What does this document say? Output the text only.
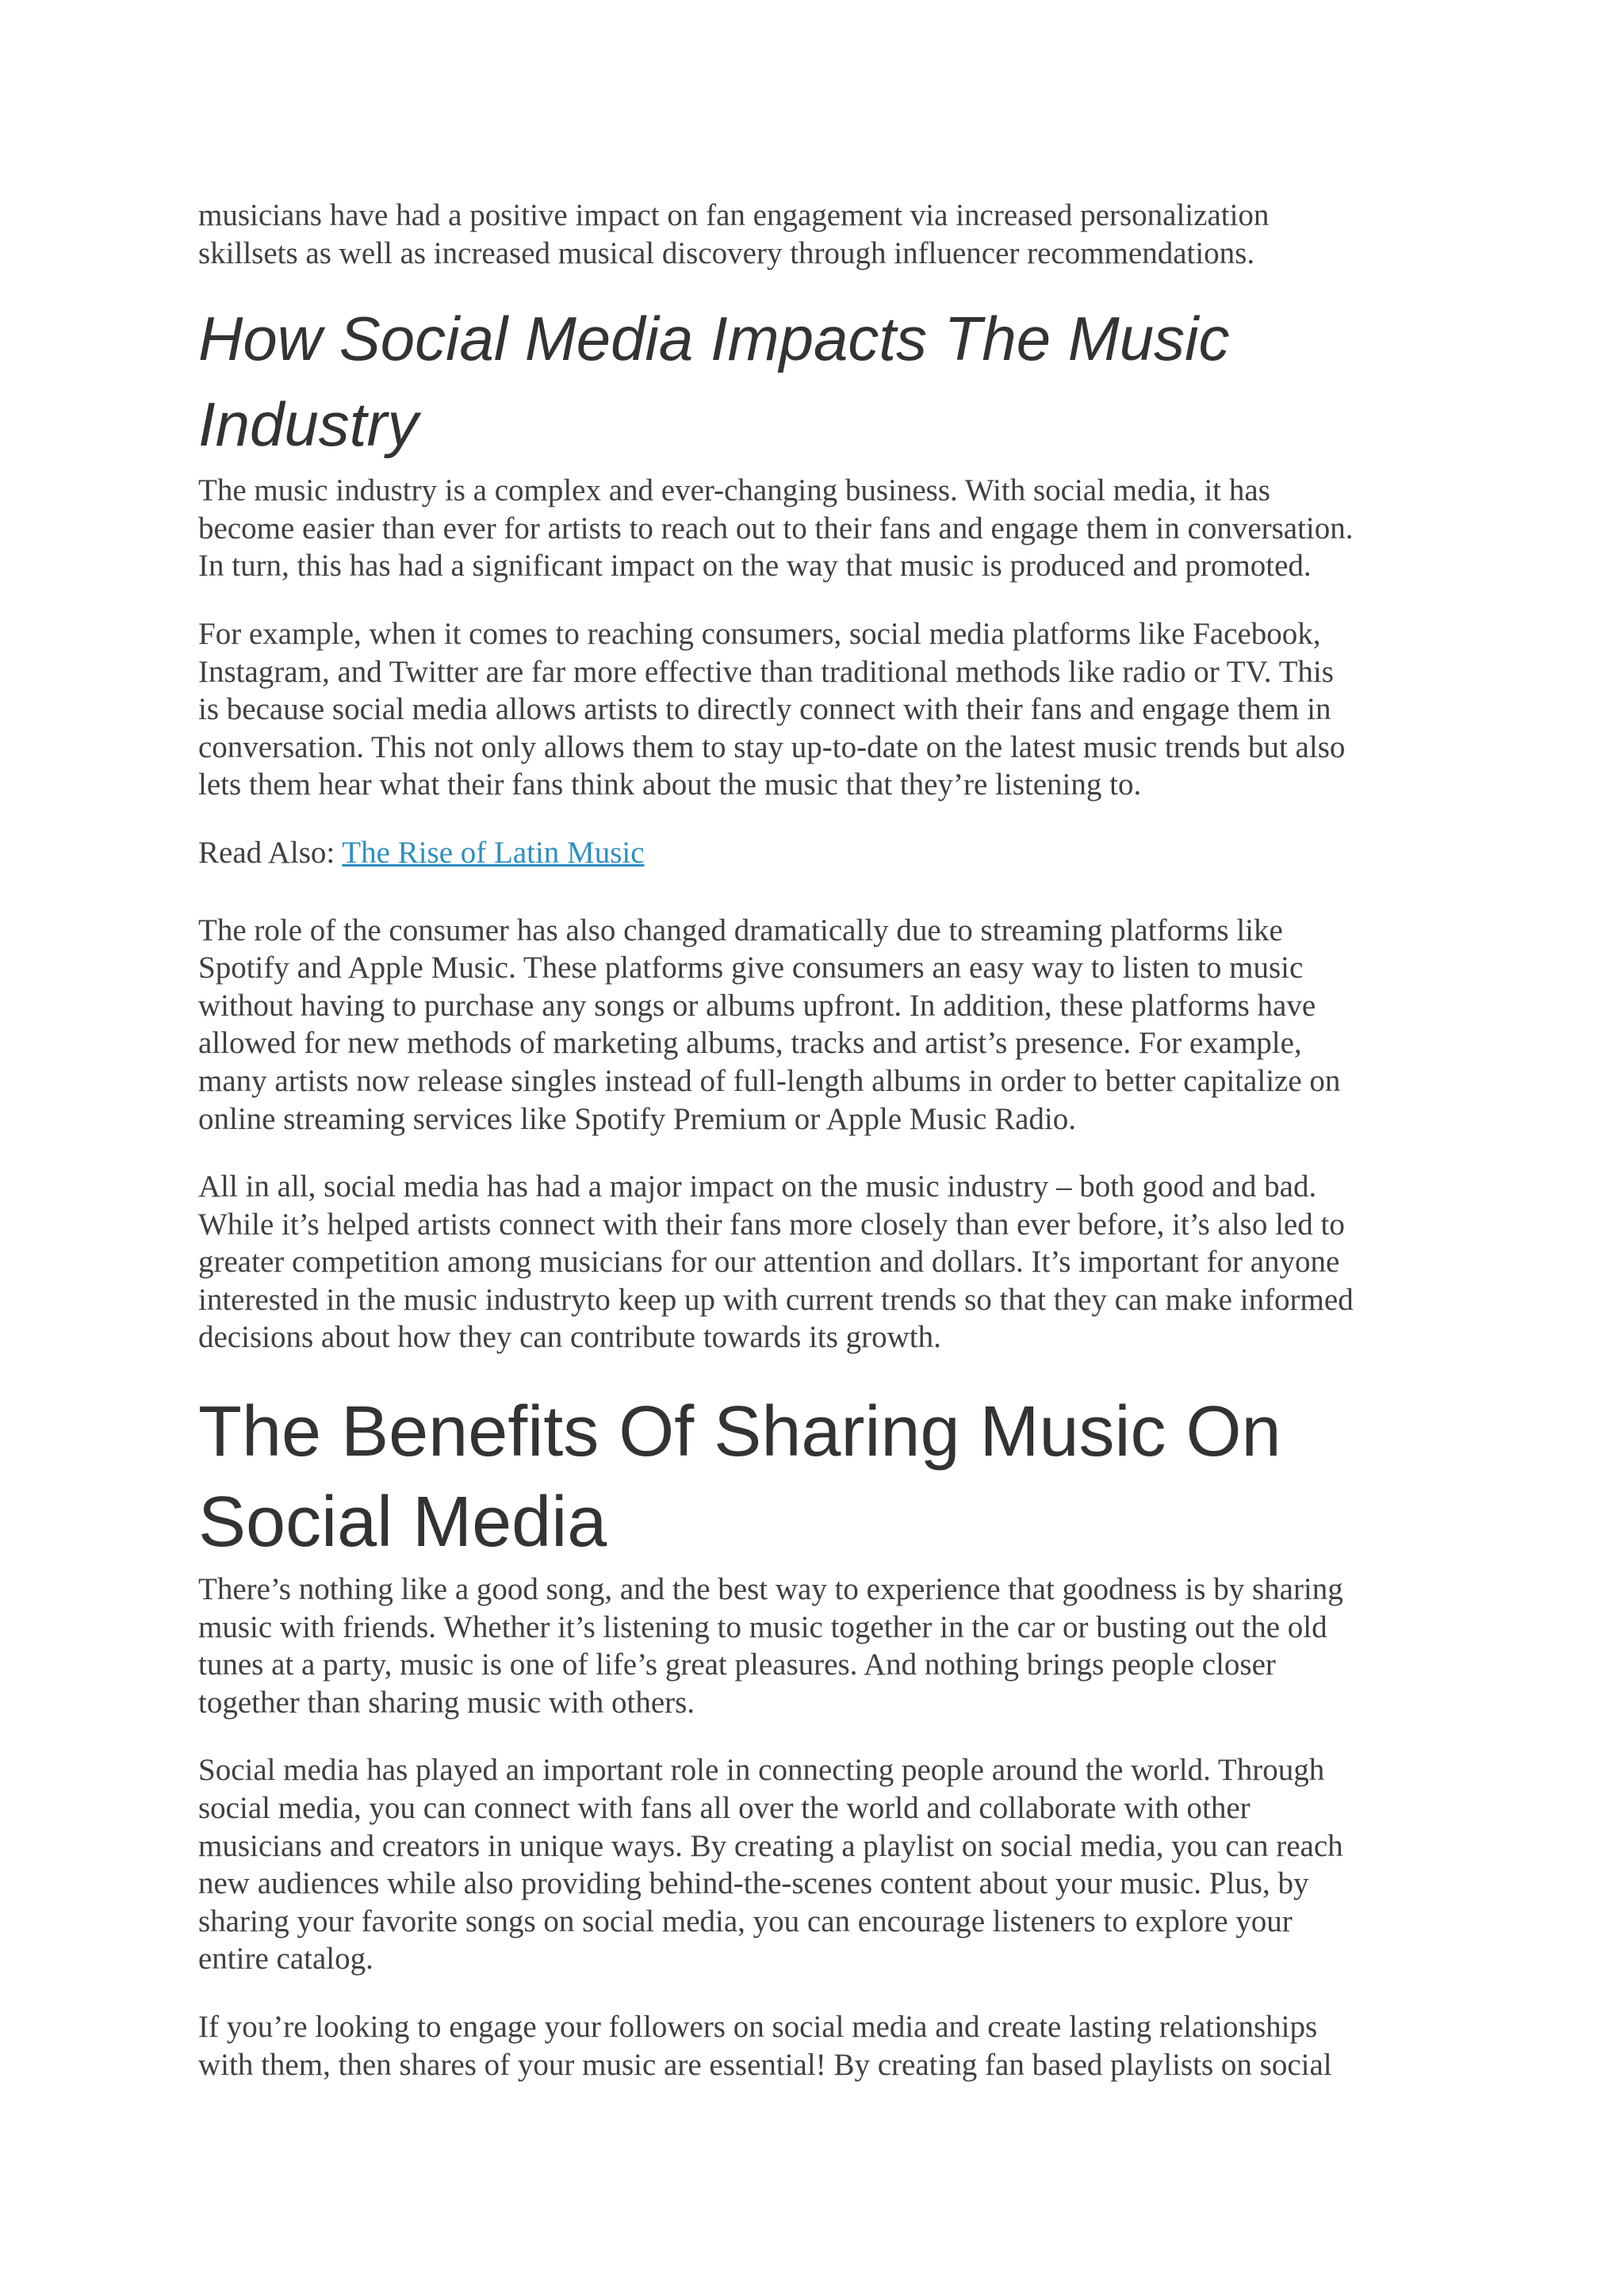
musicians have had a positive impact on fan engagement via increased personalization
skillsets as well as increased musical discovery through influencer recommendations.

How Social Media Impacts The Music
Industry

The music industry is a complex and ever-changing business. With social media, it has
become easier than ever for artists to reach out to their fans and engage them in conversation.
In turn, this has had a significant impact on the way that music is produced and promoted.

For example, when it comes to reaching consumers, social media platforms like Facebook,
Instagram, and Twitter are far more effective than traditional methods like radio or TV. This
is because social media allows artists to directly connect with their fans and engage them in
conversation. This not only allows them to stay up-to-date on the latest music trends but also
lets them hear what their fans think about the music that they’re listening to.

Read Also: The Rise of Latin Music

The role of the consumer has also changed dramatically due to streaming platforms like
Spotify and Apple Music. These platforms give consumers an easy way to listen to music
without having to purchase any songs or albums upfront. In addition, these platforms have
allowed for new methods of marketing albums, tracks and artist’s presence. For example,
many artists now release singles instead of full-length albums in order to better capitalize on
online streaming services like Spotify Premium or Apple Music Radio.

All in all, social media has had a major impact on the music industry – both good and bad.
While it’s helped artists connect with their fans more closely than ever before, it’s also led to
greater competition among musicians for our attention and dollars. It’s important for anyone
interested in the music industryto keep up with current trends so that they can make informed
decisions about how they can contribute towards its growth.

The Benefits Of Sharing Music On
Social Media

There’s nothing like a good song, and the best way to experience that goodness is by sharing
music with friends. Whether it’s listening to music together in the car or busting out the old
tunes at a party, music is one of life’s great pleasures. And nothing brings people closer
together than sharing music with others.

Social media has played an important role in connecting people around the world. Through
social media, you can connect with fans all over the world and collaborate with other
musicians and creators in unique ways. By creating a playlist on social media, you can reach
new audiences while also providing behind-the-scenes content about your music. Plus, by
sharing your favorite songs on social media, you can encourage listeners to explore your
entire catalog.

If you’re looking to engage your followers on social media and create lasting relationships
with them, then shares of your music are essential! By creating fan based playlists on social
